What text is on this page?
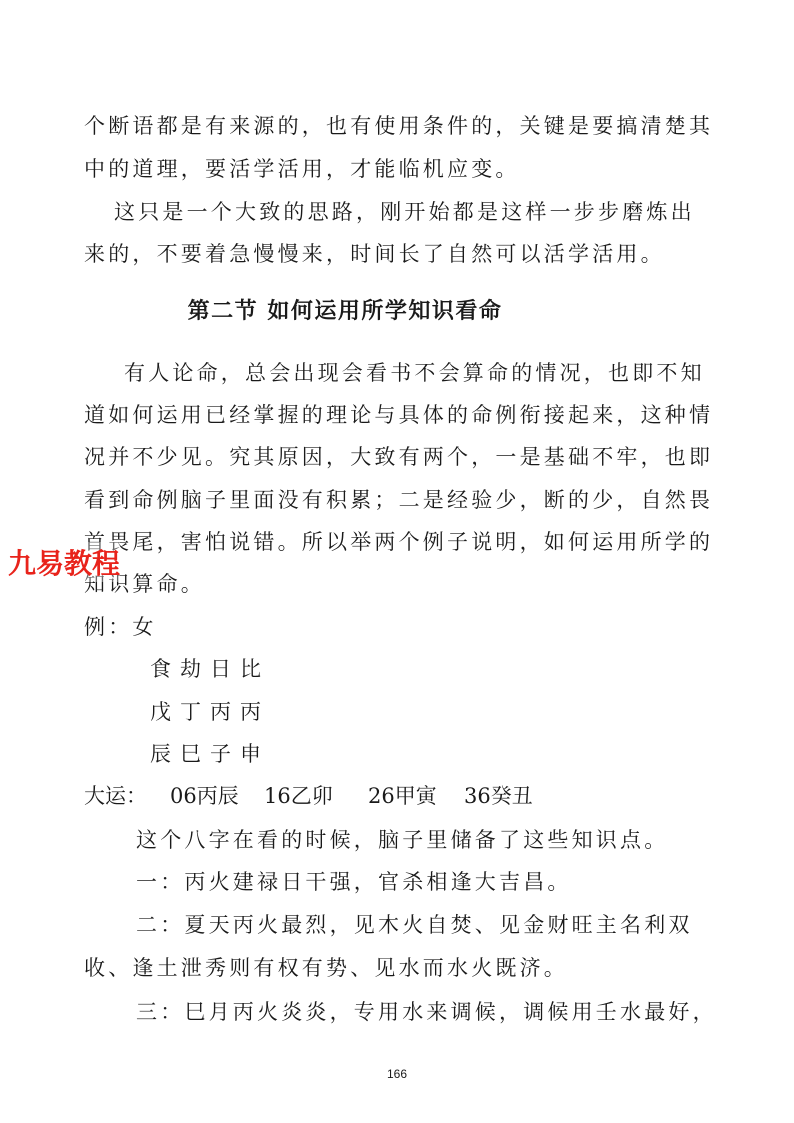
个断语都是有来源的，也有使用条件的，关键是要搞清楚其
中的道理，要活学活用，才能临机应变。
这只是一个大致的思路，刚开始都是这样一步步磨炼出
来的，不要着急慢慢来，时间长了自然可以活学活用。
第二节 如何运用所学知识看命
有人论命，总会出现会看书不会算命的情况，也即不知
道如何运用已经掌握的理论与具体的命例衔接起来，这种情
况并不少见。究其原因，大致有两个，一是基础不牢，也即
看到命例脑子里面没有积累；二是经验少，断的少，自然畏
首畏尾，害怕说错。所以举两个例子说明，如何运用所学的
知识算命。
九易教程
例：女
食 劫 日 比
戊 丁 丙 丙
辰 巳 子 申
大运： 06丙辰 16乙卯 26甲寅 36癸丑
这个八字在看的时候，脑子里储备了这些知识点。
一：丙火建禄日干强，官杀相逢大吉昌。
二：夏天丙火最烈，见木火自焚、见金财旺主名利双
收、逢土泄秀则有权有势、见水而水火既济。
三：巳月丙火炎炎，专用水来调候，调候用壬水最好，
166
